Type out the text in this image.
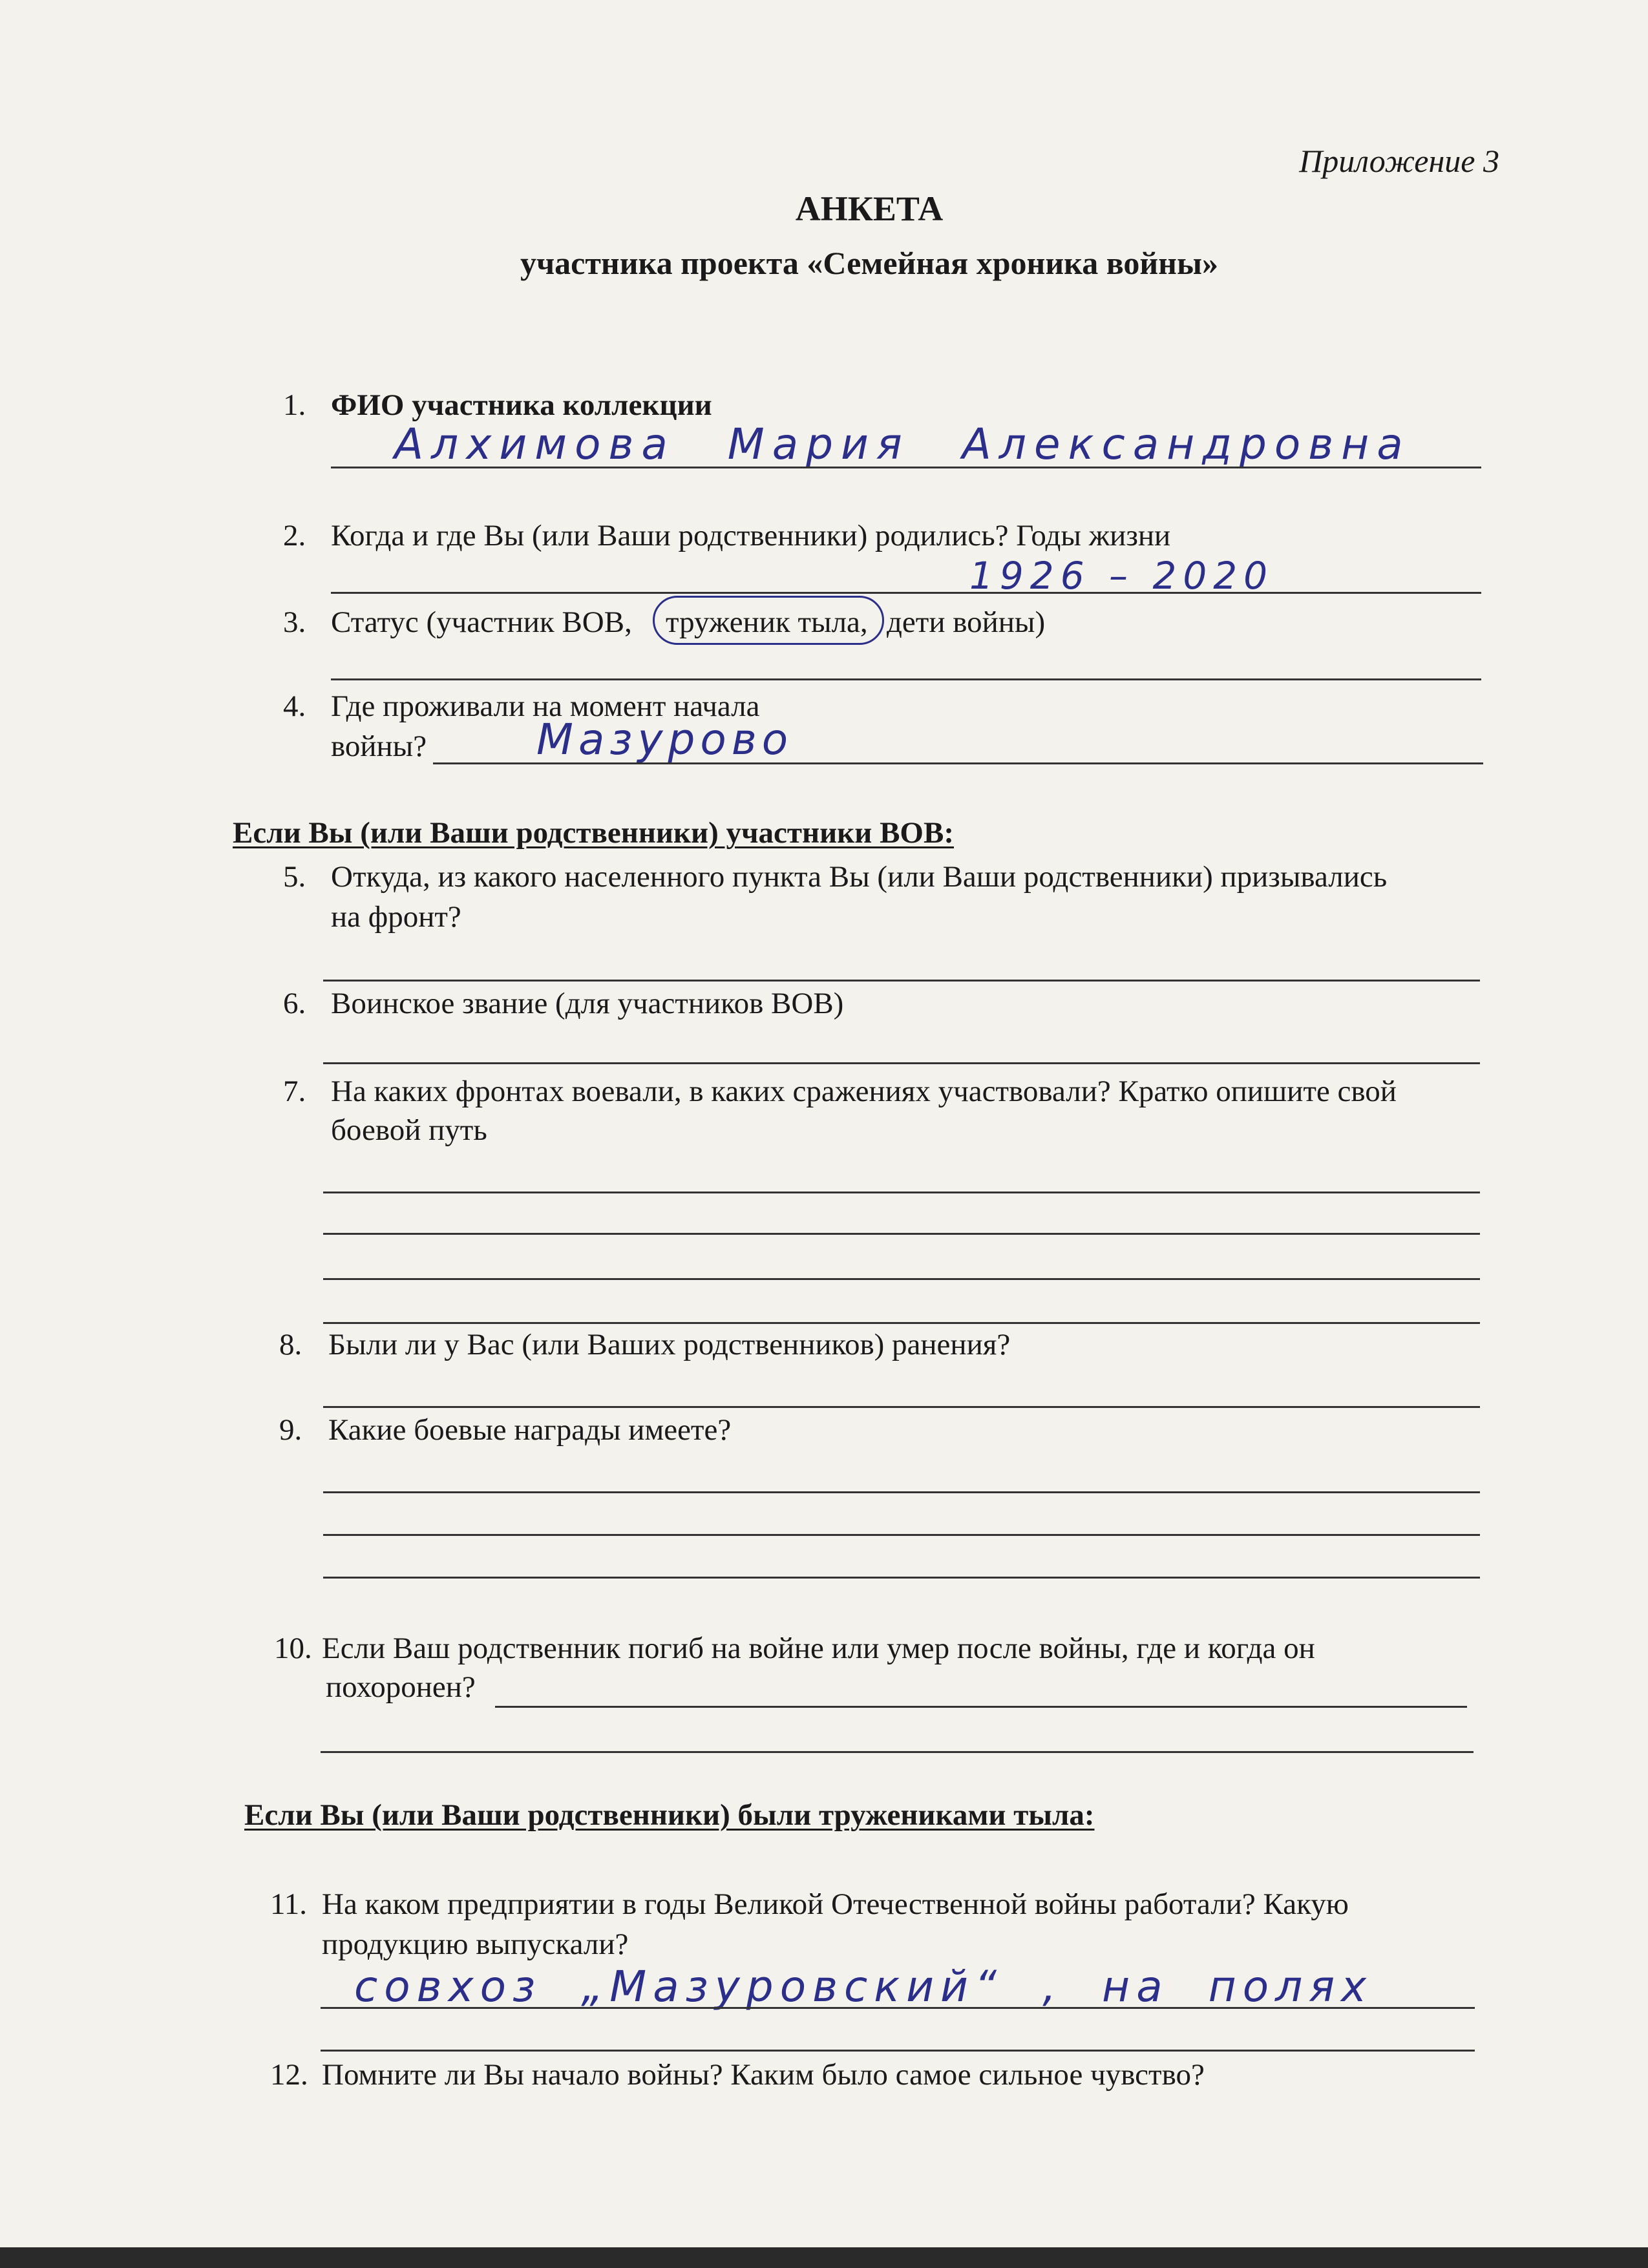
Приложение 3
АНКЕТА
участника проекта «Семейная хроника войны»
1. ФИО участника коллекции
Алхимова Мария Александровна
2. Когда и где Вы (или Ваши родственники) родились? Годы жизни
1926 – 2020
3. Статус (участник ВОВ, труженик тыла, дети войны)
4. Где проживали на момент начала
войны?	Мазурово
Если Вы (или Ваши родственники) участники ВОВ:
5. Откуда, из какого населенного пункта Вы (или Ваши родственники) призывались
на фронт?
6. Воинское звание (для участников ВОВ)
7. На каких фронтах воевали, в каких сражениях участвовали? Кратко опишите свой
боевой путь
8. Были ли у Вас (или Ваших родственников) ранения?
9. Какие боевые награды имеете?
10. Если Ваш родственник погиб на войне или умер после войны, где и когда он
похоронен?
Если Вы (или Ваши родственники) были тружениками тыла:
11. На каком предприятии в годы Великой Отечественной войны работали? Какую
продукцию выпускали?
совхоз „Мазуровский“ , на полях
12. Помните ли Вы начало войны? Каким было самое сильное чувство?
